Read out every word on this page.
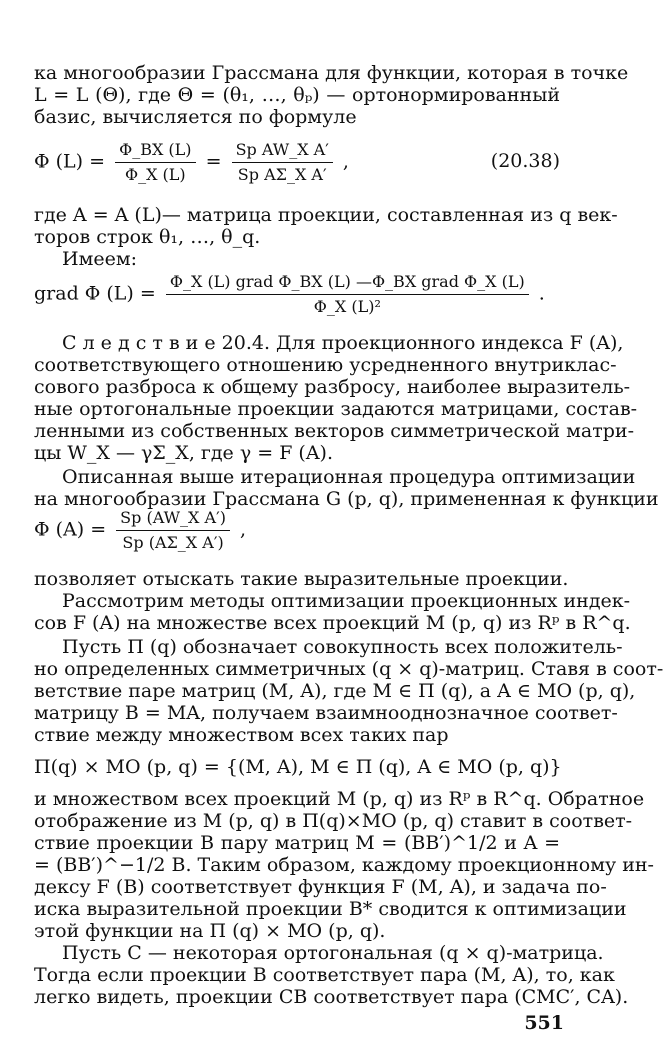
ка многообразии Грассмана для функции, которая в точке
L = L (Θ), где Θ = (θ₁, …, θₚ) — ортонормированный
базис, вычисляется по формуле
Φ $(L) = \frac{\Phi\_BX (L)}{\Phi\_X (L)} = \frac{\text{Sp AW\_X A′}}{\text{Sp AΣ\_X A′}}$ ,	(20.38)
где A = A (L)— матрица проекции, составленная из q век-
торов строк θ₁, …, θ_q.
Имеем:
grad Φ $(L) = \frac{\text{Φ\_X (L) grad Φ\_BX (L) —Φ\_BX grad Φ\_X (L)}}{\text{Φ\_X (L)²}}$ .
С л е д с т в и е 20.4. Для проекционного индекса F (A),
соответствующего отношению усредненного внутриклас-
сового разброса к общему разбросу, наиболее выразитель-
ные ортогональные проекции задаются матрицами, состав-
ленными из собственных векторов симметрической матри-
цы W_X — γΣ_X, где γ = F (A).
Описанная выше итерационная процедура оптимизации
на многообразии Грассмана G (p, q), примененная к функции
Φ $(A) = \frac{\text{Sp (AW\_X A′)}}{\text{Sp (AΣ\_X A′)}}$ ,
позволяет отыскать такие выразительные проекции.
Рассмотрим методы оптимизации проекционных индек-
сов F (A) на множестве всех проекций M (p, q) из Rᵖ в R^q.
Пусть Π (q) обозначает совокупность всех положитель-
но определенных симметричных (q × q)-матриц. Ставя в соот-
ветствие паре матриц (M, A), где M ∈ Π (q), а A ∈ MO (p, q),
матрицу B = MA, получаем взаимнооднозначное соответ-
ствие между множеством всеx таких пар
Π(q) × MO (p, q) = {(M, A), M ∈ Π (q), A ∈ MO (p, q)}
и множеством всех проекций M (p, q) из Rᵖ в R^q. Обратное
отображение из M (p, q) в Π(q)×MO (p, q) ставит в соответ-
ствие проекции B пару матриц M = (BB′)^1/2 и A =
= (BB′)^−1/2 B. Таким образом, каждому проекционному ин-
дексу F (B) соответствует функция F (M, A), и задача по-
иска выразительной проекции B* сводится к оптимизации
этой функции на Π (q) × MO (p, q).
Пусть C — некоторая ортогональная (q × q)-матрица.
Тогда если проекции B соответствует пара (M, A), то, как
легко видеть, проекции CB соответствует пара (CMC′, CA).
551
